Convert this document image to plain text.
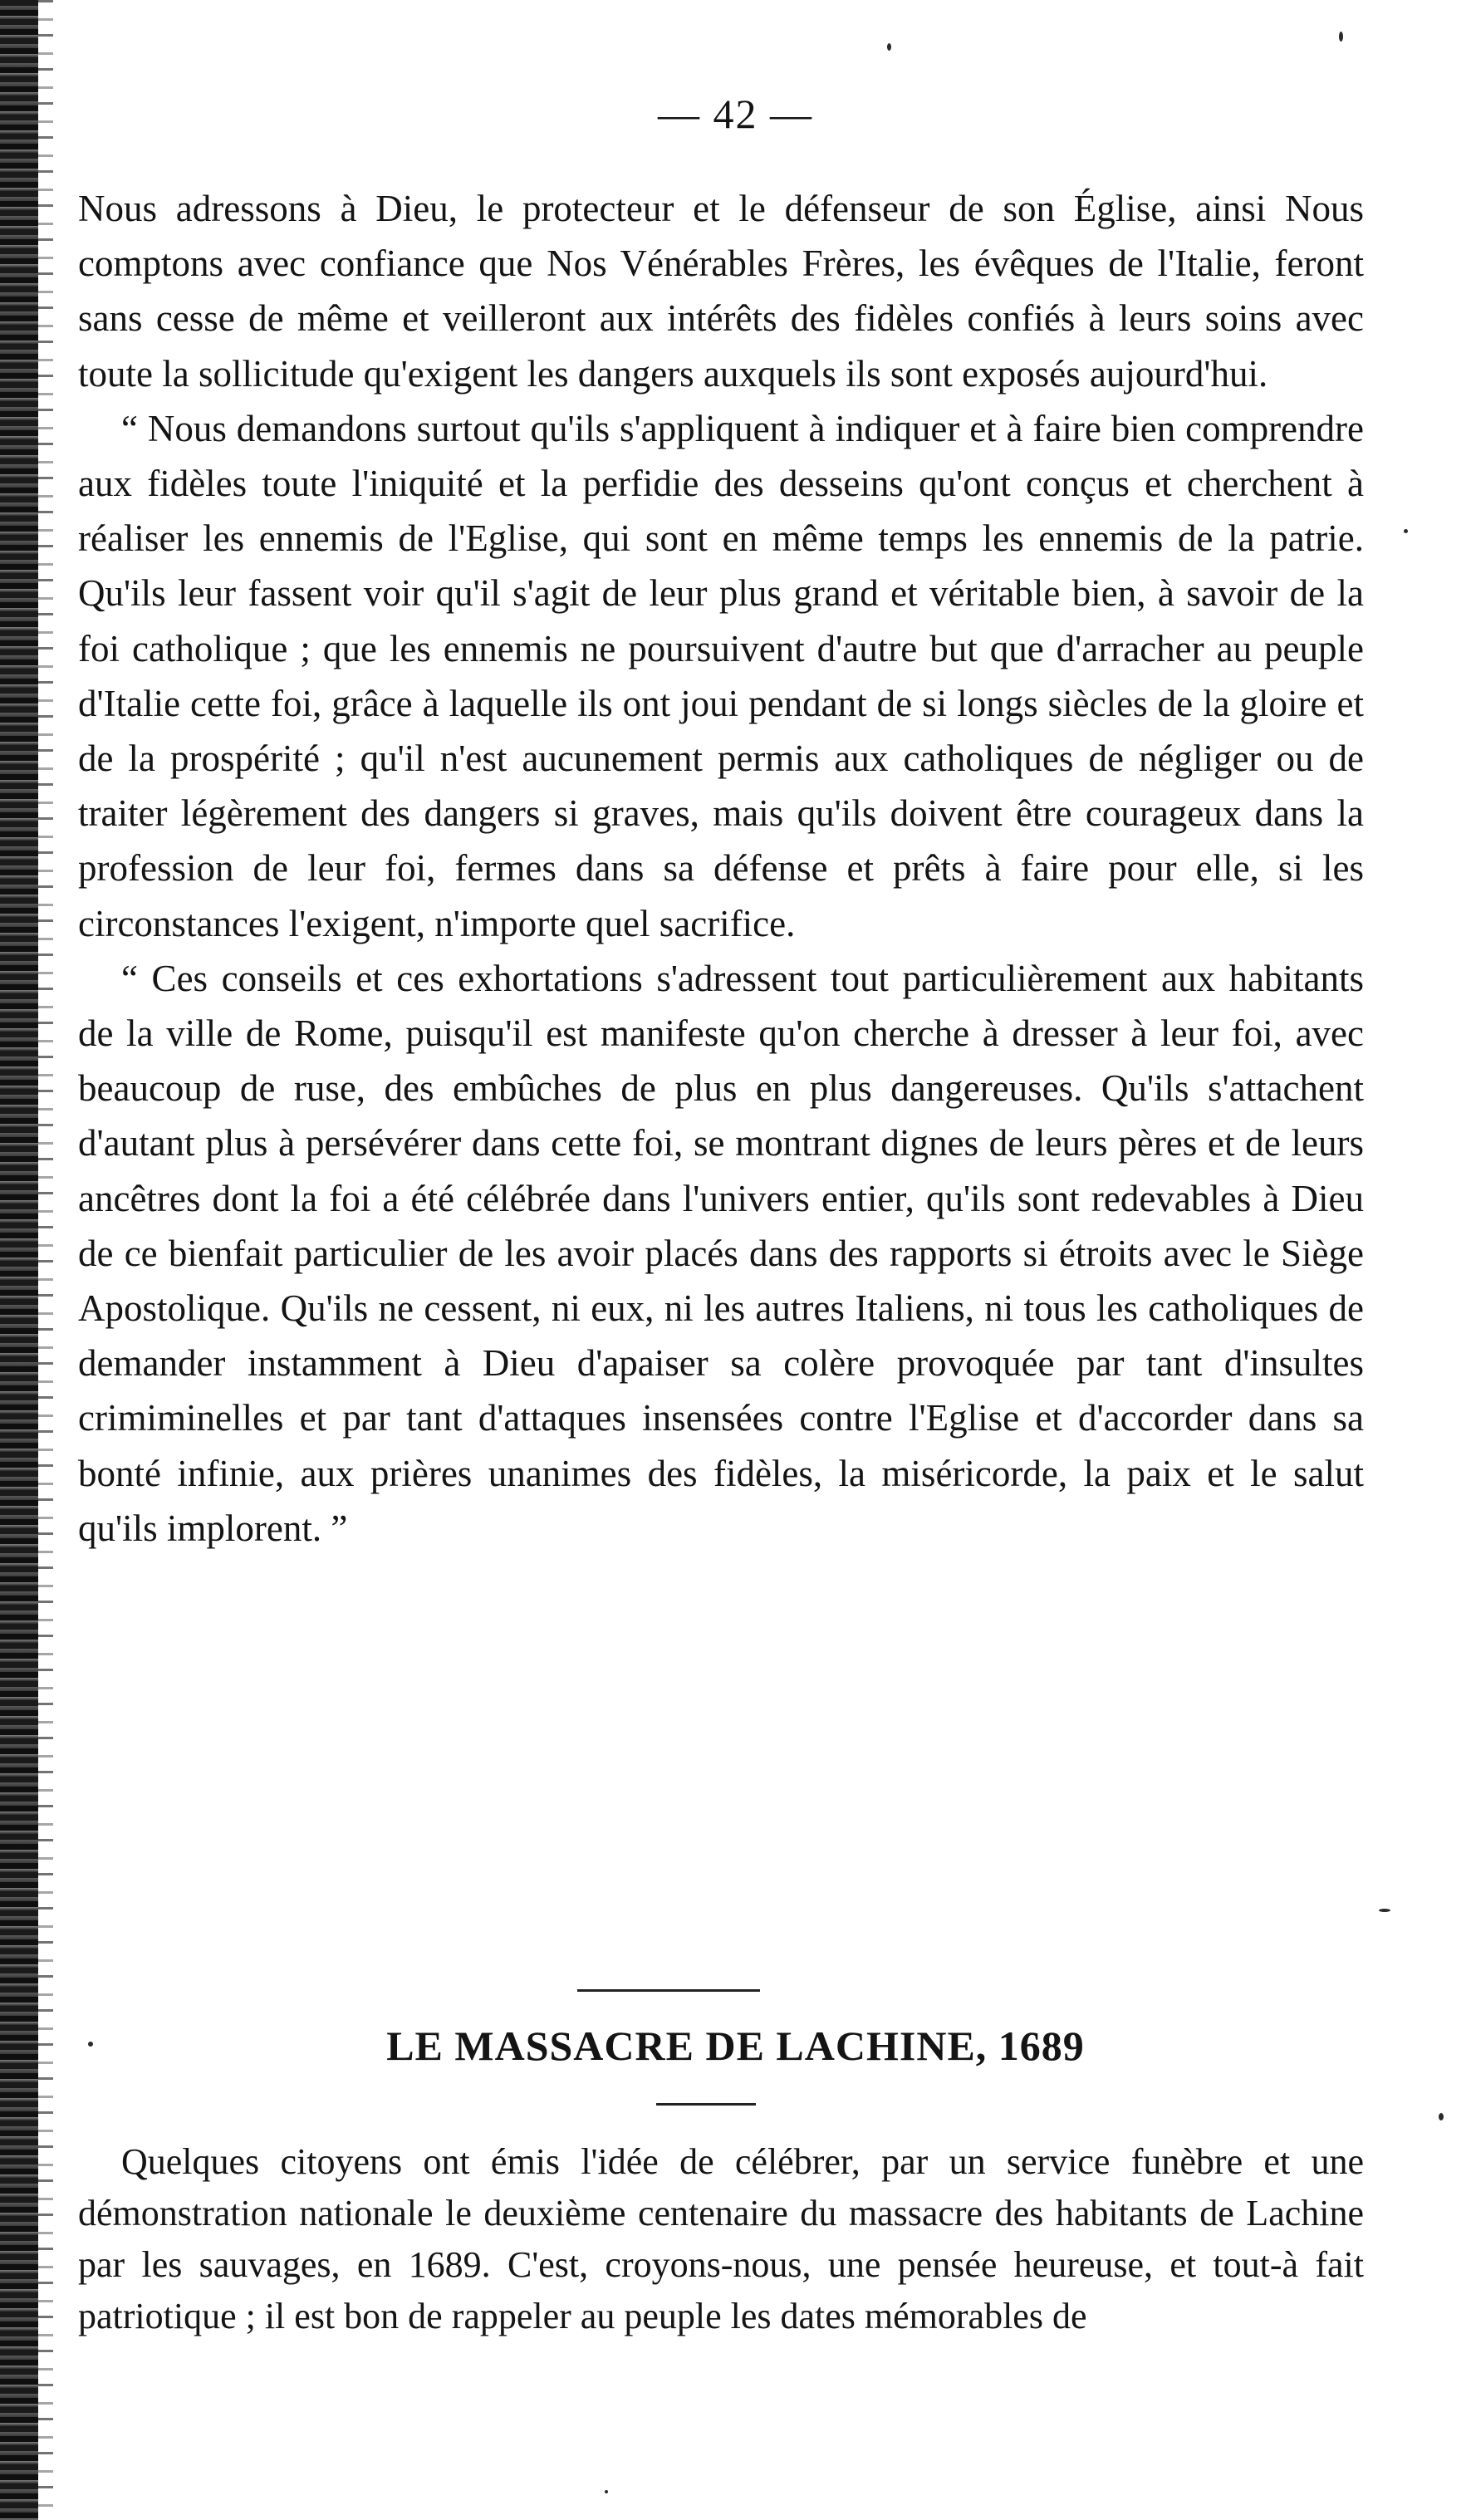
— 42 —

Nous adressons à Dieu, le protecteur et le défenseur de son Église, ainsi Nous comptons avec confiance que Nos Vénérables Frères, les évêques de l'Italie, feront sans cesse de même et veilleront aux intérêts des fidèles confiés à leurs soins avec toute la sollicitude qu'exigent les dangers auxquels ils sont exposés aujourd'hui.

“ Nous demandons surtout qu'ils s'appliquent à indiquer et à faire bien comprendre aux fidèles toute l'iniquité et la perfidie des desseins qu'ont conçus et cherchent à réaliser les ennemis de l'Eglise, qui sont en même temps les ennemis de la patrie. Qu'ils leur fassent voir qu'il s'agit de leur plus grand et véritable bien, à savoir de la foi catholique ; que les ennemis ne poursuivent d'autre but que d'arracher au peuple d'Italie cette foi, grâce à laquelle ils ont joui pendant de si longs siècles de la gloire et de la prospérité ; qu'il n'est aucunement permis aux catholiques de négliger ou de traiter légèrement des dangers si graves, mais qu'ils doivent être courageux dans la profession de leur foi, fermes dans sa défense et prêts à faire pour elle, si les circonstances l'exigent, n'importe quel sacrifice.

“ Ces conseils et ces exhortations s'adressent tout particulièrement aux habitants de la ville de Rome, puisqu'il est manifeste qu'on cherche à dresser à leur foi, avec beaucoup de ruse, des embûches de plus en plus dangereuses. Qu'ils s'attachent d'autant plus à persévérer dans cette foi, se montrant dignes de leurs pères et de leurs ancêtres dont la foi a été célébrée dans l'univers entier, qu'ils sont redevables à Dieu de ce bienfait particulier de les avoir placés dans des rapports si étroits avec le Siège Apostolique. Qu'ils ne cessent, ni eux, ni les autres Italiens, ni tous les catholiques de demander instamment à Dieu d'apaiser sa colère provoquée par tant d'insultes crimiminelles et par tant d'attaques insensées contre l'Eglise et d'accorder dans sa bonté infinie, aux prières unanimes des fidèles, la miséricorde, la paix et le salut qu'ils implorent. ”

LE MASSACRE DE LACHINE, 1689

Quelques citoyens ont émis l'idée de célébrer, par un service funèbre et une démonstration nationale le deuxième centenaire du massacre des habitants de Lachine par les sauvages, en 1689. C'est, croyons-nous, une pensée heureuse, et tout-à fait patriotique ; il est bon de rappeler au peuple les dates mémorables de
